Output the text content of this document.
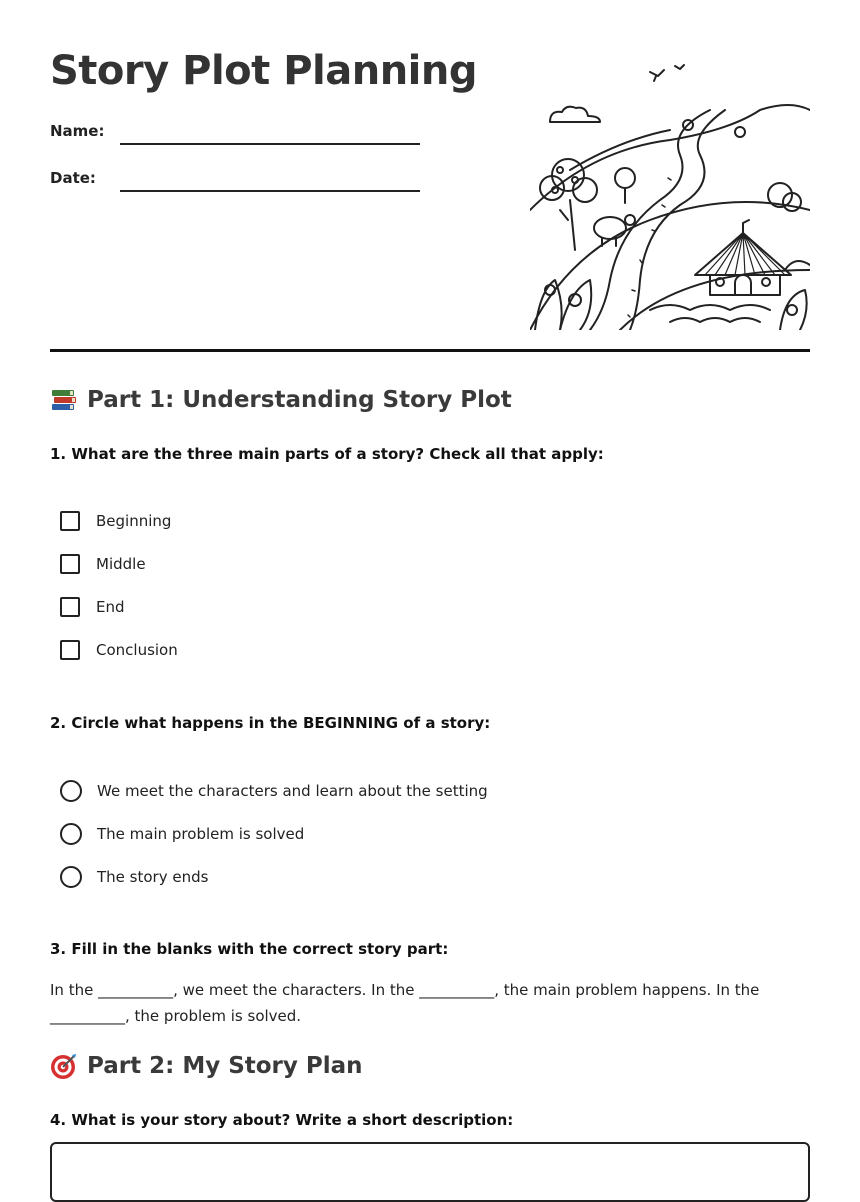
Story Plot Planning
Name:
Date:
Part 1: Understanding Story Plot
1. What are the three main parts of a story? Check all that apply:
Beginning
Middle
End
Conclusion
2. Circle what happens in the BEGINNING of a story:
We meet the characters and learn about the setting
The main problem is solved
The story ends
3. Fill in the blanks with the correct story part:

In the __________, we meet the characters. In the __________, the main problem happens. In the __________, the problem is solved.

Part 2: My Story Plan
4. What is your story about? Write a short description:
